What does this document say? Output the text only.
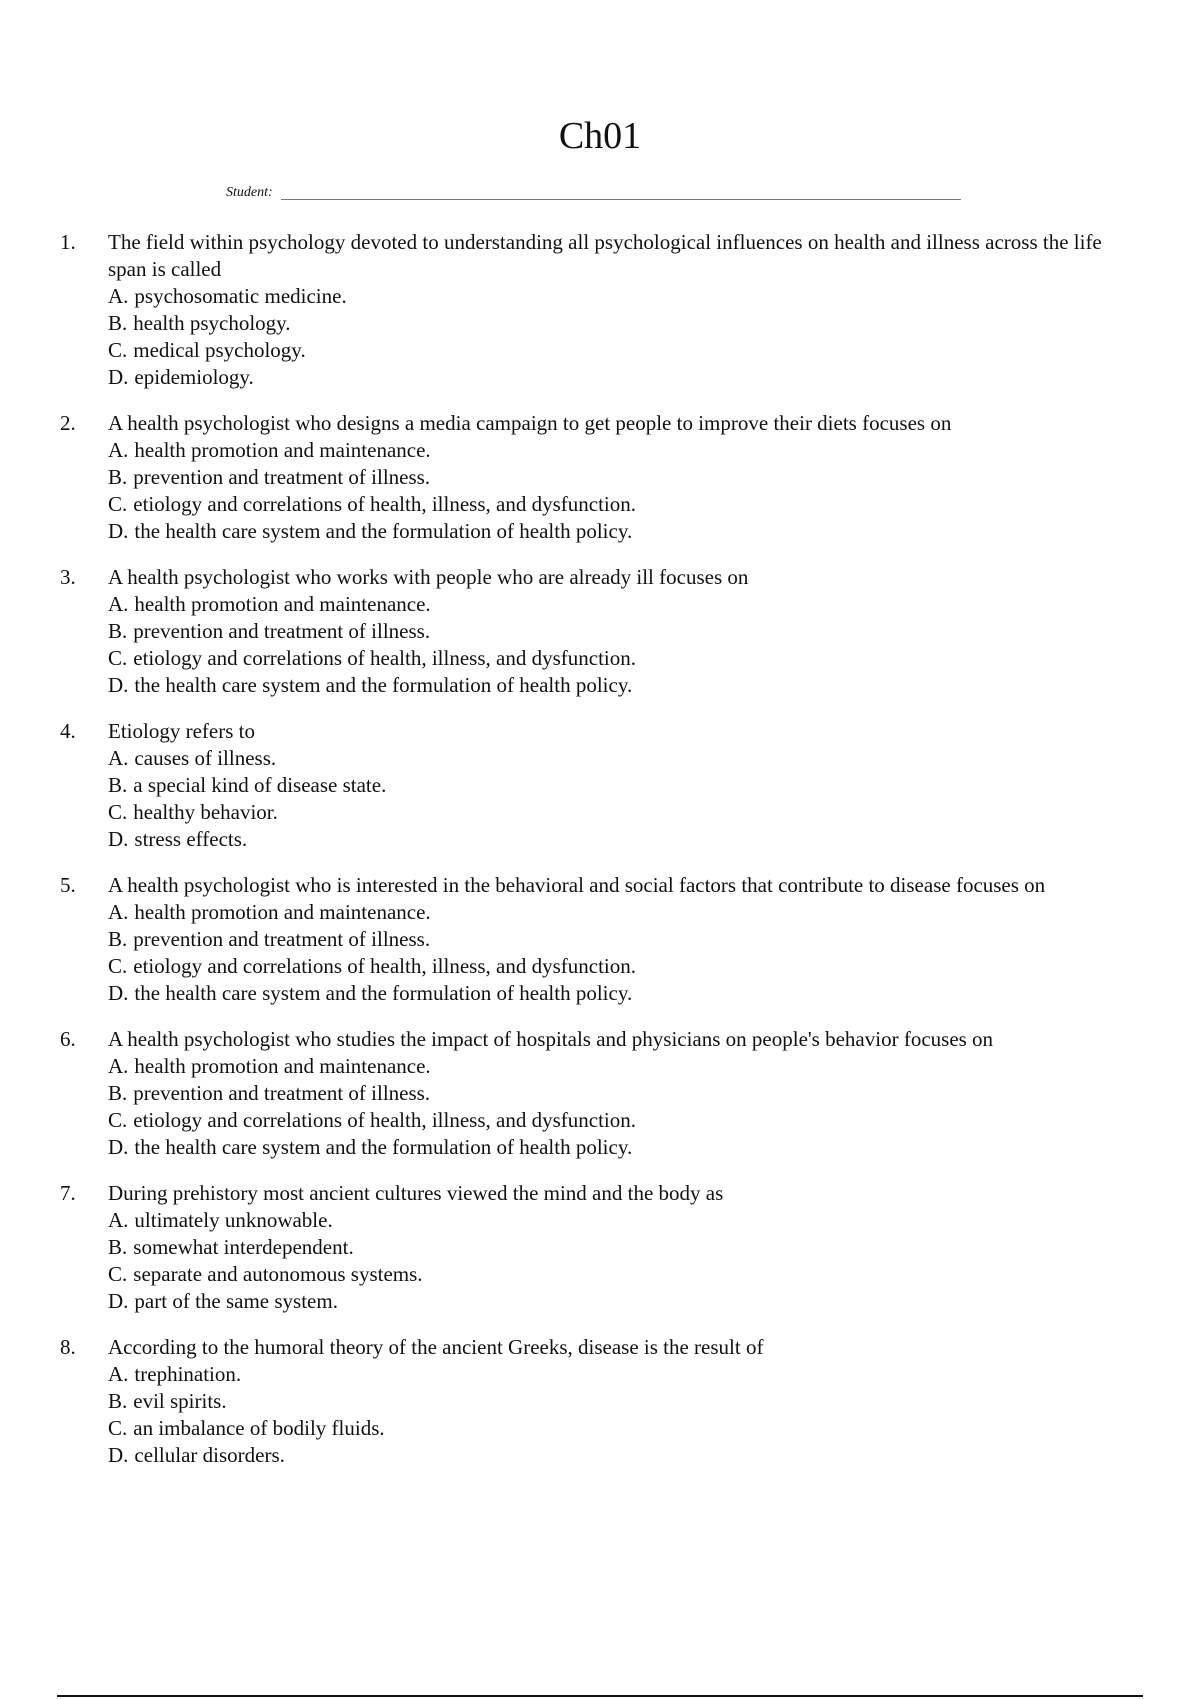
Ch01
Student:
1.	The field within psychology devoted to understanding all psychological influences on health and illness across the life span is called
A. psychosomatic medicine.
B. health psychology.
C. medical psychology.
D. epidemiology.
2.	A health psychologist who designs a media campaign to get people to improve their diets focuses on
A. health promotion and maintenance.
B. prevention and treatment of illness.
C. etiology and correlations of health, illness, and dysfunction.
D. the health care system and the formulation of health policy.
3.	A health psychologist who works with people who are already ill focuses on
A. health promotion and maintenance.
B. prevention and treatment of illness.
C. etiology and correlations of health, illness, and dysfunction.
D. the health care system and the formulation of health policy.
4.	Etiology refers to
A. causes of illness.
B. a special kind of disease state.
C. healthy behavior.
D. stress effects.
5.	A health psychologist who is interested in the behavioral and social factors that contribute to disease focuses on
A. health promotion and maintenance.
B. prevention and treatment of illness.
C. etiology and correlations of health, illness, and dysfunction.
D. the health care system and the formulation of health policy.
6.	A health psychologist who studies the impact of hospitals and physicians on people's behavior focuses on
A. health promotion and maintenance.
B. prevention and treatment of illness.
C. etiology and correlations of health, illness, and dysfunction.
D. the health care system and the formulation of health policy.
7.	During prehistory most ancient cultures viewed the mind and the body as
A. ultimately unknowable.
B. somewhat interdependent.
C. separate and autonomous systems.
D. part of the same system.
8.	According to the humoral theory of the ancient Greeks, disease is the result of
A. trephination.
B. evil spirits.
C. an imbalance of bodily fluids.
D. cellular disorders.
